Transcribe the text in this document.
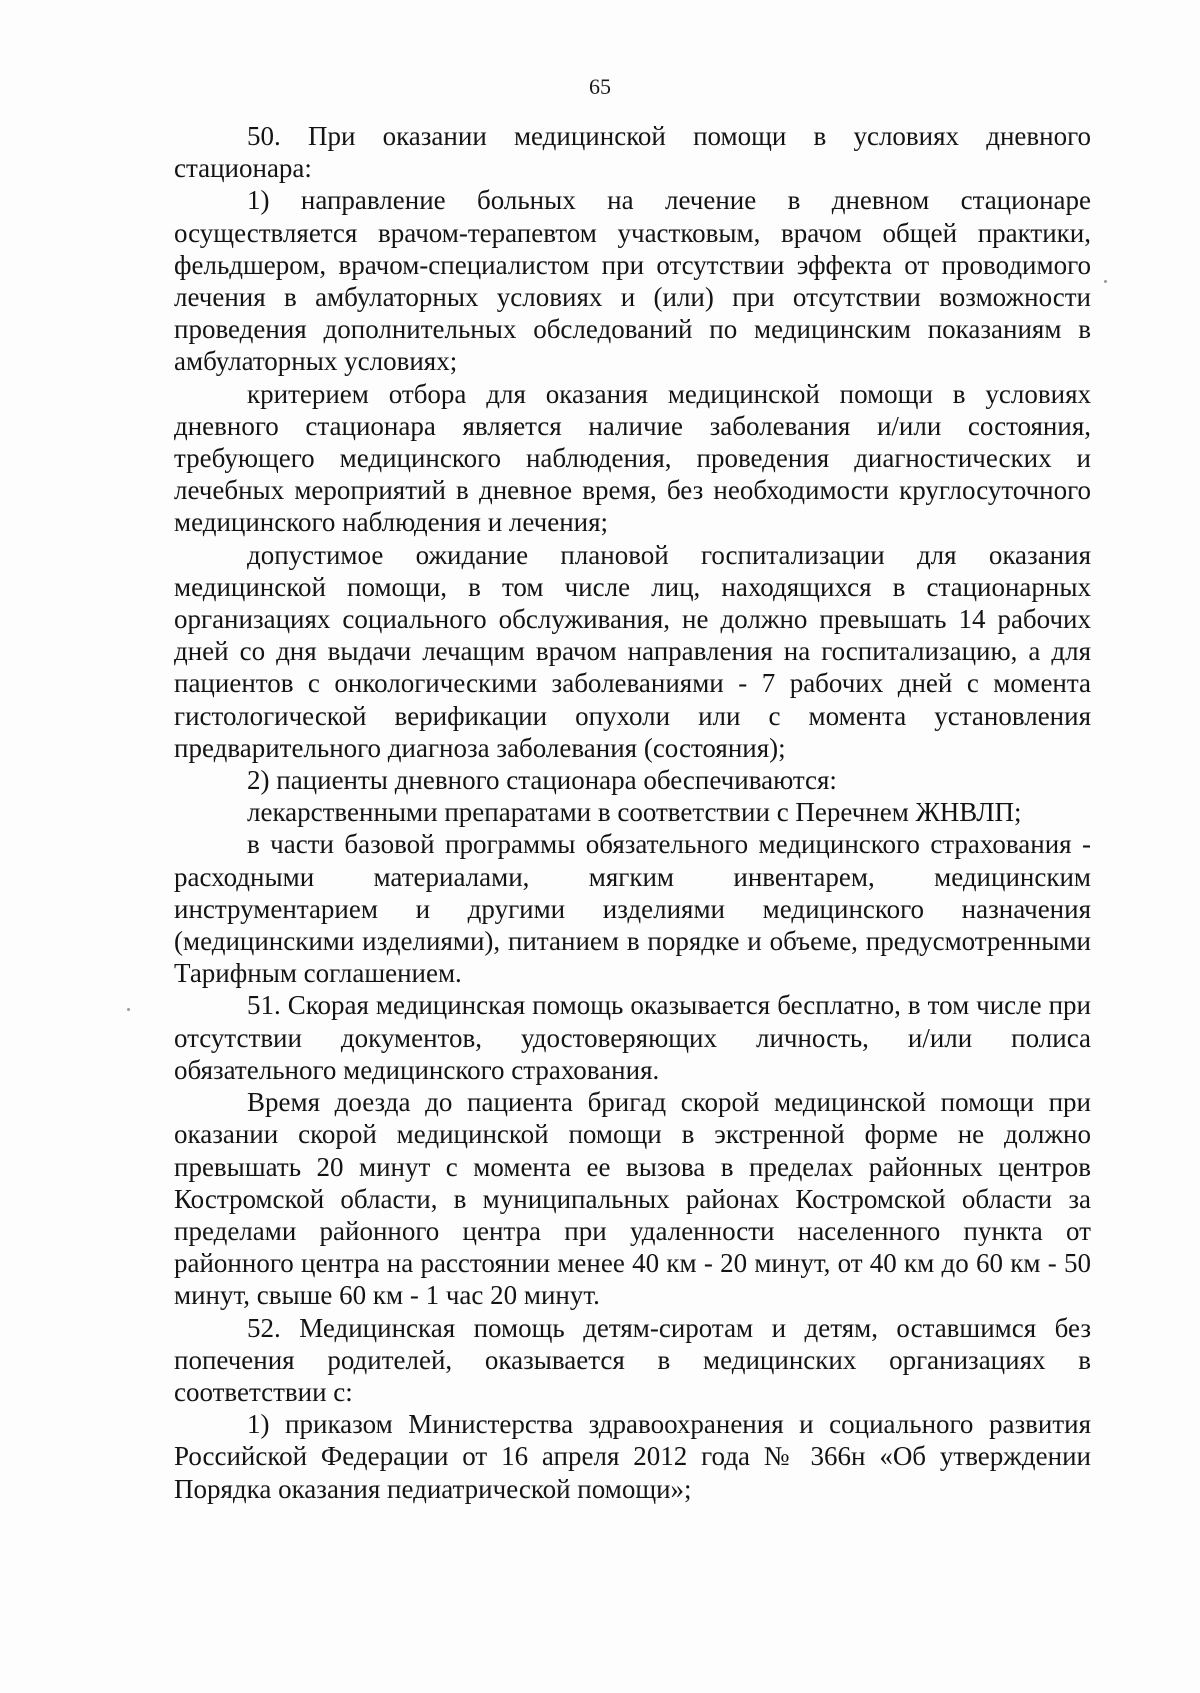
65

50. При оказании медицинской помощи в условиях дневного стационара:

1) направление больных на лечение в дневном стационаре осуществляется врачом-терапевтом участковым, врачом общей практики, фельдшером, врачом-специалистом при отсутствии эффекта от проводимого лечения в амбулаторных условиях и (или) при отсутствии возможности проведения дополнительных обследований по медицинским показаниям в амбулаторных условиях;

критерием отбора для оказания медицинской помощи в условиях дневного стационара является наличие заболевания и/или состояния, требующего медицинского наблюдения, проведения диагностических и лечебных мероприятий в дневное время, без необходимости круглосуточного медицинского наблюдения и лечения;

допустимое ожидание плановой госпитализации для оказания медицинской помощи, в том числе лиц, находящихся в стационарных организациях социального обслуживания, не должно превышать 14 рабочих дней со дня выдачи лечащим врачом направления на госпитализацию, а для пациентов с онкологическими заболеваниями - 7 рабочих дней с момента гистологической верификации опухоли или с момента установления предварительного диагноза заболевания (состояния);

2) пациенты дневного стационара обеспечиваются:

лекарственными препаратами в соответствии с Перечнем ЖНВЛП;

в части базовой программы обязательного медицинского страхования - расходными материалами, мягким инвентарем, медицинским инструментарием и другими изделиями медицинского назначения (медицинскими изделиями), питанием в порядке и объеме, предусмотренными Тарифным соглашением.

51. Скорая медицинская помощь оказывается бесплатно, в том числе при отсутствии документов, удостоверяющих личность, и/или полиса обязательного медицинского страхования.

Время доезда до пациента бригад скорой медицинской помощи при оказании скорой медицинской помощи в экстренной форме не должно превышать 20 минут с момента ее вызова в пределах районных центров Костромской области, в муниципальных районах Костромской области за пределами районного центра при удаленности населенного пункта от районного центра на расстоянии менее 40 км - 20 минут, от 40 км до 60 км - 50 минут, свыше 60 км - 1 час 20 минут.

52. Медицинская помощь детям-сиротам и детям, оставшимся без попечения родителей, оказывается в медицинских организациях в соответствии с:

1) приказом Министерства здравоохранения и социального развития Российской Федерации от 16 апреля 2012 года № 366н «Об утверждении Порядка оказания педиатрической помощи»;
